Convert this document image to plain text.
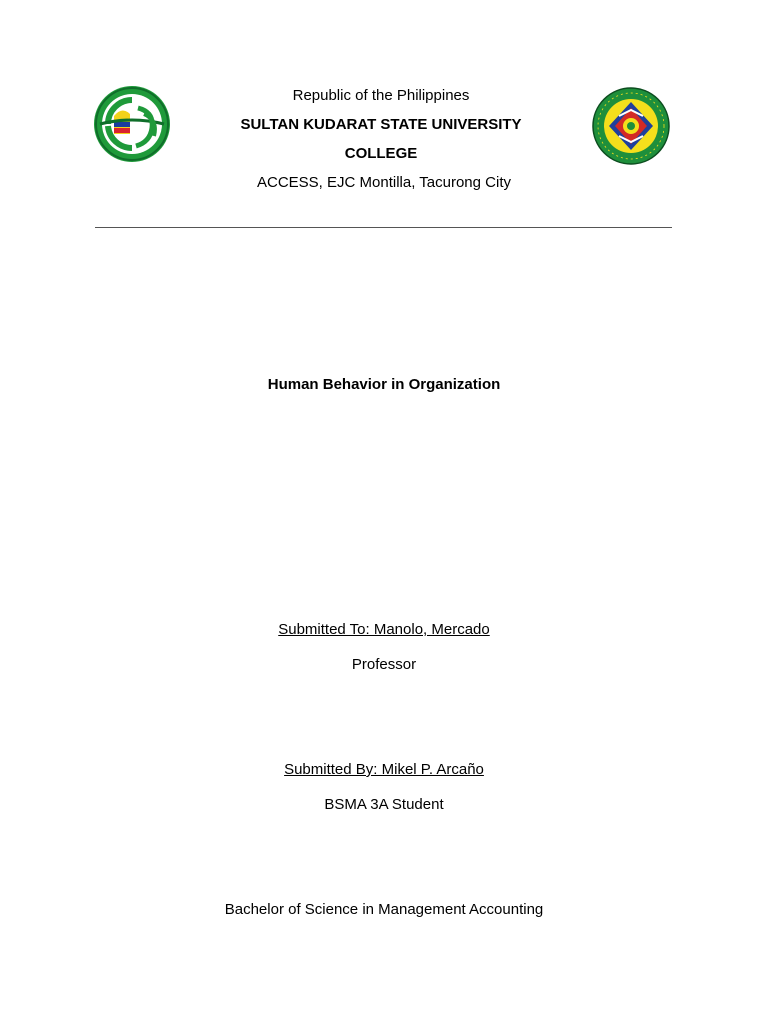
Republic of the Philippines
SULTAN KUDARAT STATE UNIVERSITY
COLLEGE
ACCESS, EJC Montilla, Tacurong City
Human Behavior in Organization
Submitted To: Manolo, Mercado
Professor
Submitted By: Mikel P. Arcaño
BSMA 3A Student
Bachelor of Science in Management Accounting
